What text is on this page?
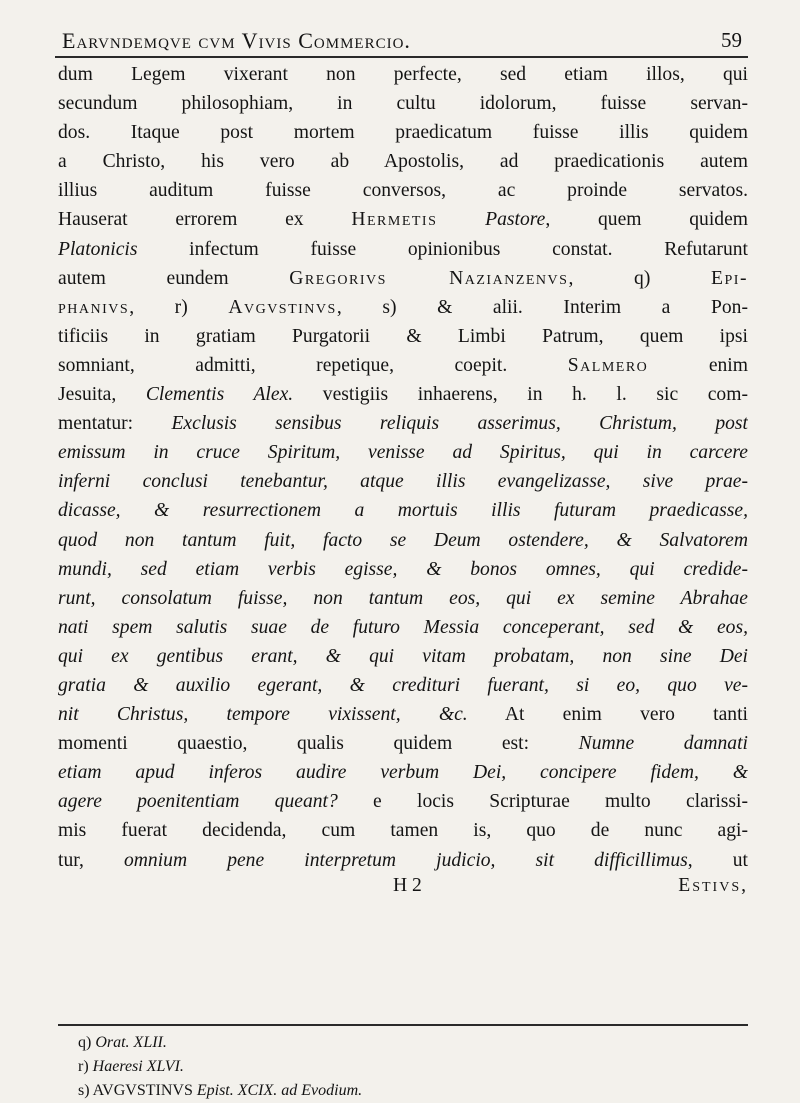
Earvndemqve cvm Vivis Commercio.	59
dum Legem vixerant non perfecte, sed etiam illos, qui
secundum philosophiam, in cultu idolorum, fuisse servan-
dos. Itaque post mortem praedicatum fuisse illis quidem
a Christo, his vero ab Apostolis, ad praedicationis autem
illius auditum fuisse conversos, ac proinde servatos.
Hauserat errorem ex Hermetis Pastore, quem quidem
Platonicis infectum fuisse opinionibus constat. Refutarunt
autem eundem Gregorivs Nazianzenvs, q) Epi-
phanivs, r) Avgvstinvs, s) & alii. Interim a Pon-
tificiis in gratiam Purgatorii & Limbi Patrum, quem ipsi
somniant, admitti, repetique, coepit. Salmero enim
Jesuita, Clementis Alex. vestigiis inhaerens, in h. l. sic com-
mentatur: Exclusis sensibus reliquis asserimus, Christum, post
emissum in cruce Spiritum, venisse ad Spiritus, qui in carcere
inferni conclusi tenebantur, atque illis evangelizasse, sive prae-
dicasse, & resurrectionem a mortuis illis futuram praedicasse,
quod non tantum fuit, facto se Deum ostendere, & Salvatorem
mundi, sed etiam verbis egisse, & bonos omnes, qui credide-
runt, consolatum fuisse, non tantum eos, qui ex semine Abrahae
nati spem salutis suae de futuro Messia conceperant, sed & eos,
qui ex gentibus erant, & qui vitam probatam, non sine Dei
gratia & auxilio egerant, & credituri fuerant, si eo, quo ve-
nit Christus, tempore vixissent, &c. At enim vero tanti
momenti quaestio, qualis quidem est: Numne damnati
etiam apud inferos audire verbum Dei, concipere fidem, &
agere poenitentiam queant? e locis Scripturae multo clarissi-
mis fuerat decidenda, cum tamen is, quo de nunc agi-
tur, omnium pene interpretum judicio, sit difficillimus, ut
H 2	Estivs,
q) Orat. XLII.
r) Haeresi XLVI.
s) AVGVSTINVS Epist. XCIX. ad Evodium.
